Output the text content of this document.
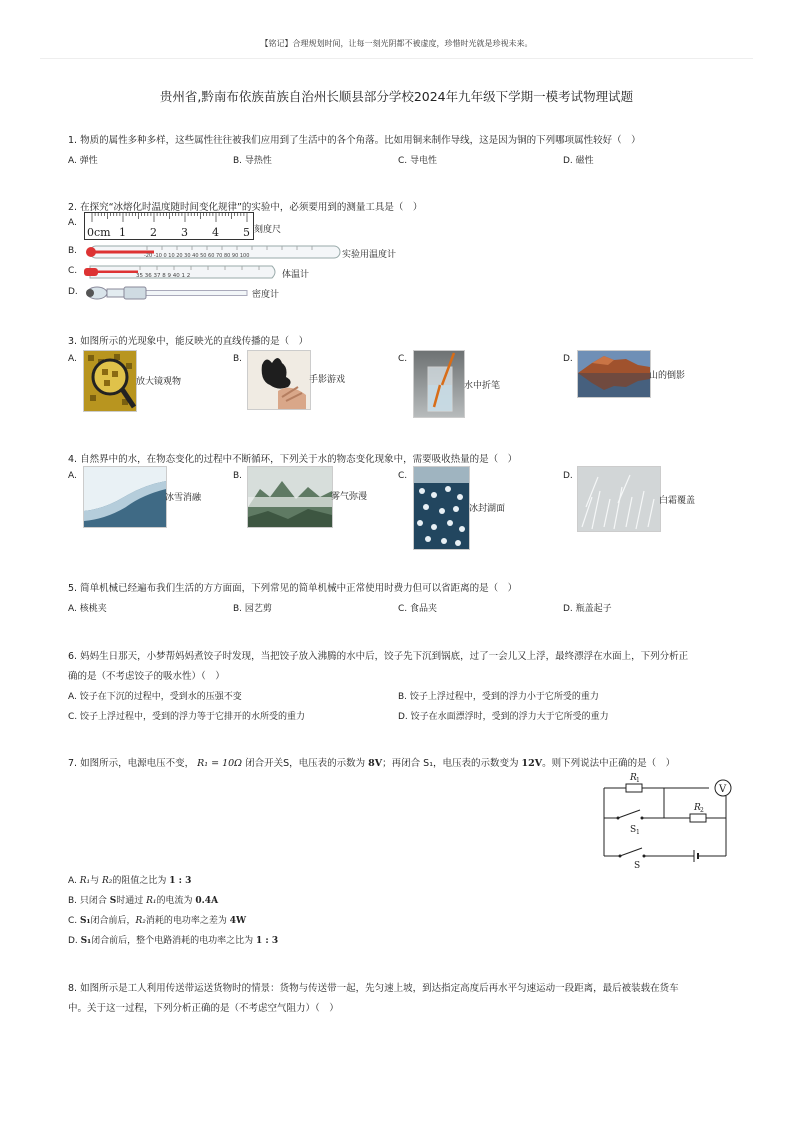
【铭记】合理规划时间，让每一刻光阴都不被虚度，珍惜时光就是珍视未来。
贵州省,黔南布依族苗族自治州长顺县部分学校2024年九年级下学期一模考试物理试题
1. 物质的属性多种多样，这些属性往往被我们应用到了生活中的各个角落。比如用铜来制作导线，这是因为铜的下列哪项属性较好（　）
A. 弹性	B. 导热性	C. 导电性	D. 磁性
2. 在探究“冰熔化时温度随时间变化规律”的实验中，必须要用到的测量工具是（　）
A.
0cm 1 2 3 4 5 刻度尺
B.	-20 -10 0 10 20 30 40 50 60 70 80 90 100	实验用温度计
C.	35 36 37 8 9 40 1 2	体温计
D.	密度计
3. 如图所示的光现象中，能反映光的直线传播的是（　）
A.
放大镜观物
B.
手影游戏
C.
水中折笔
D.
山的倒影
4. 自然界中的水，在物态变化的过程中不断循环，下列关于水的物态变化现象中，需要吸收热量的是（　）
A.
冰雪消融
B.
雾气弥漫
C.
冰封湖面
D.
白霜覆盖
5. 简单机械已经遍布我们生活的方方面面，下列常见的简单机械中正常使用时费力但可以省距离的是（　）
A. 核桃夹	B. 园艺剪	C. 食品夹	D. 瓶盖起子
6. 妈妈生日那天，小梦帮妈妈煮饺子时发现，当把饺子放入沸腾的水中后，饺子先下沉到锅底，过了一会儿又上浮，最终漂浮在水面上，下列分析正
确的是（不考虑饺子的吸水性）（　）
A. 饺子在下沉的过程中，受到水的压强不变	B. 饺子上浮过程中，受到的浮力小于它所受的重力
C. 饺子上浮过程中，受到的浮力等于它排开的水所受的重力	D. 饺子在水面漂浮时，受到的浮力大于它所受的重力
7. 如图所示，电源电压不变， R₁ = 10Ω 闭合开关S，电压表的示数为 8V；再闭合 S₁，电压表的示数变为 12V。则下列说法中正确的是（　）
R 1
V
R 2
S 1
S
A. R₁与 R₂的阻值之比为 1 : 3
B. 只闭合 S时通过 R₁的电流为 0.4A
C. S₁闭合前后，R₂消耗的电功率之差为 4W
D. S₁闭合前后，整个电路消耗的电功率之比为 1 : 3
8. 如图所示是工人利用传送带运送货物时的情景：货物与传送带一起，先匀速上坡，到达指定高度后再水平匀速运动一段距离，最后被装载在货车
中。关于这一过程，下列分析正确的是（不考虑空气阻力）（　）
